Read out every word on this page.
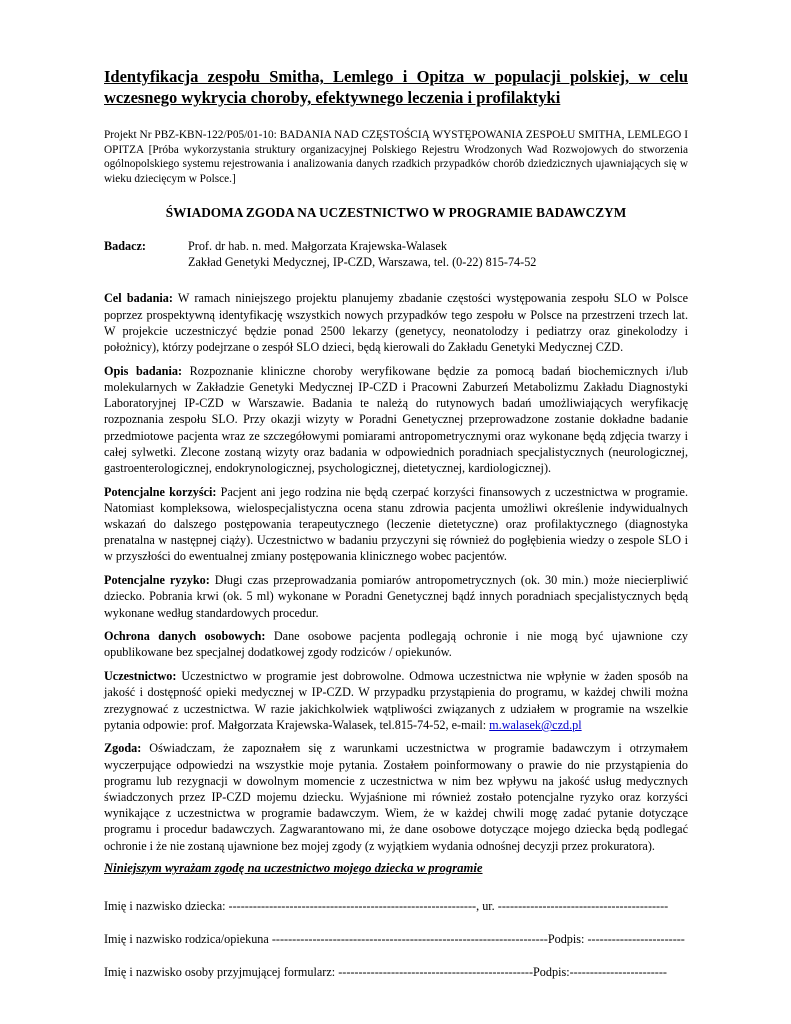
Identyfikacja zespołu Smitha, Lemlego i Opitza w populacji polskiej, w celu wczesnego wykrycia choroby, efektywnego leczenia i profilaktyki
Projekt Nr PBZ-KBN-122/P05/01-10: BADANIA NAD CZĘSTOŚCIĄ WYSTĘPOWANIA ZESPOŁU SMITHA, LEMLEGO I OPITZA [Próba wykorzystania struktury organizacyjnej Polskiego Rejestru Wrodzonych Wad Rozwojowych do stworzenia ogólnopolskiego systemu rejestrowania i analizowania danych rzadkich przypadków chorób dziedzicznych ujawniających się w wieku dziecięcym w Polsce.]
ŚWIADOMA ZGODA NA UCZESTNICTWO W PROGRAMIE BADAWCZYM
Badacz:	Prof. dr hab. n. med. Małgorzata Krajewska-Walasek
Zakład Genetyki Medycznej, IP-CZD, Warszawa, tel. (0-22) 815-74-52
Cel badania: W ramach niniejszego projektu planujemy zbadanie częstości występowania zespołu SLO w Polsce poprzez prospektywną identyfikację wszystkich nowych przypadków tego zespołu w Polsce na przestrzeni trzech lat. W projekcie uczestniczyć będzie ponad 2500 lekarzy (genetycy, neonatolodzy i pediatrzy oraz ginekolodzy i położnicy), którzy podejrzane o zespół SLO dzieci, będą kierowali do Zakładu Genetyki Medycznej CZD.
Opis badania: Rozpoznanie kliniczne choroby weryfikowane będzie za pomocą badań biochemicznych i/lub molekularnych w Zakładzie Genetyki Medycznej IP-CZD i Pracowni Zaburzeń Metabolizmu Zakładu Diagnostyki Laboratoryjnej IP-CZD w Warszawie. Badania te należą do rutynowych badań umożliwiających weryfikację rozpoznania zespołu SLO. Przy okazji wizyty w Poradni Genetycznej przeprowadzone zostanie dokładne badanie przedmiotowe pacjenta wraz ze szczegółowymi pomiarami antropometrycznymi oraz wykonane będą zdjęcia twarzy i całej sylwetki. Zlecone zostaną wizyty oraz badania w odpowiednich poradniach specjalistycznych (neurologicznej, gastroenterologicznej, endokrynologicznej, psychologicznej, dietetycznej, kardiologicznej).
Potencjalne korzyści: Pacjent ani jego rodzina nie będą czerpać korzyści finansowych z uczestnictwa w programie. Natomiast kompleksowa, wielospecjalistyczna ocena stanu zdrowia pacjenta umożliwi określenie indywidualnych wskazań do dalszego postępowania terapeutycznego (leczenie dietetyczne) oraz profilaktycznego (diagnostyka prenatalna w następnej ciąży). Uczestnictwo w badaniu przyczyni się również do pogłębienia wiedzy o zespole SLO i w przyszłości do ewentualnej zmiany postępowania klinicznego wobec pacjentów.
Potencjalne ryzyko: Długi czas przeprowadzania pomiarów antropometrycznych (ok. 30 min.) może niecierpliwić dziecko. Pobrania krwi (ok. 5 ml) wykonane w Poradni Genetycznej bądź innych poradniach specjalistycznych będą wykonane według standardowych procedur.
Ochrona danych osobowych: Dane osobowe pacjenta podlegają ochronie i nie mogą być ujawnione czy opublikowane bez specjalnej dodatkowej zgody rodziców / opiekunów.
Uczestnictwo: Uczestnictwo w programie jest dobrowolne. Odmowa uczestnictwa nie wpłynie w żaden sposób na jakość i dostępność opieki medycznej w IP-CZD. W przypadku przystąpienia do programu, w każdej chwili można zrezygnować z uczestnictwa. W razie jakichkolwiek wątpliwości związanych z udziałem w programie na wszelkie pytania odpowie: prof. Małgorzata Krajewska-Walasek, tel.815-74-52, e-mail: m.walasek@czd.pl
Zgoda: Oświadczam, że zapoznałem się z warunkami uczestnictwa w programie badawczym i otrzymałem wyczerpujące odpowiedzi na wszystkie moje pytania. Zostałem poinformowany o prawie do nie przystąpienia do programu lub rezygnacji w dowolnym momencie z uczestnictwa w nim bez wpływu na jakość usług medycznych świadczonych przez IP-CZD mojemu dziecku. Wyjaśnione mi również zostało potencjalne ryzyko oraz korzyści wynikające z uczestnictwa w programie badawczym. Wiem, że w każdej chwili mogę zadać pytanie dotyczące programu i procedur badawczych. Zagwarantowano mi, że dane osobowe dotyczące mojego dziecka będą podlegać ochronie i że nie zostaną ujawnione bez mojej zgody (z wyjątkiem wydania odnośnej decyzji przez prokuratora).
Niniejszym wyrażam zgodę na uczestnictwo mojego dziecka w programie
Imię i nazwisko dziecka: -------------------------------------------------------------, ur. ------------------------------------------
Imię i nazwisko rodzica/opiekuna --------------------------------------------------------------------Podpis: ------------------------
Imię i nazwisko osoby przyjmującej formularz: ------------------------------------------------Podpis:------------------------
